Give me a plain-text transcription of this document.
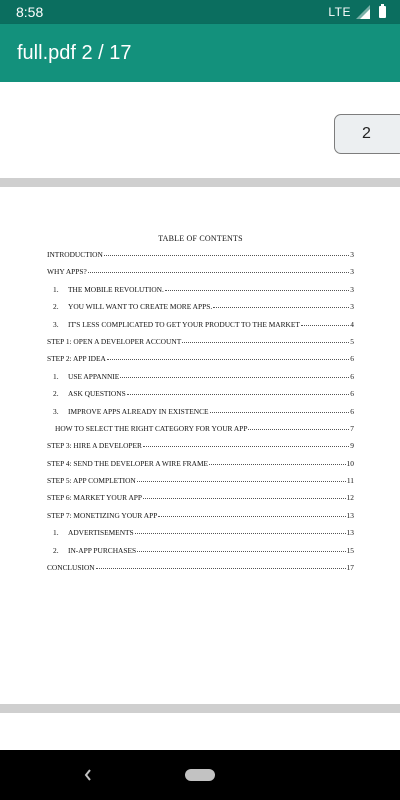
8:58	LTE
full.pdf 2 / 17
2
TABLE OF CONTENTS
INTRODUCTION	3
WHY APPS?	3
1.	THE MOBILE REVOLUTION.	3
2.	YOU WILL WANT TO CREATE MORE APPS.	3
3.	IT'S LESS COMPLICATED TO GET YOUR PRODUCT TO THE MARKET	4
STEP 1: OPEN A DEVELOPER ACCOUNT	5
STEP 2: APP IDEA	6
1.	USE APPANNIE	6
2.	ASK QUESTIONS	6
3.	IMPROVE APPS ALREADY IN EXISTENCE	6
HOW TO SELECT THE RIGHT CATEGORY FOR YOUR APP	7
STEP 3: HIRE A DEVELOPER	9
STEP 4: SEND THE DEVELOPER A WIRE FRAME	10
STEP 5: APP COMPLETION	11
STEP 6: MARKET YOUR APP	12
STEP 7: MONETIZING YOUR APP	13
1.	ADVERTISEMENTS	13
2.	IN-APP PURCHASES	15
CONCLUSION	17
